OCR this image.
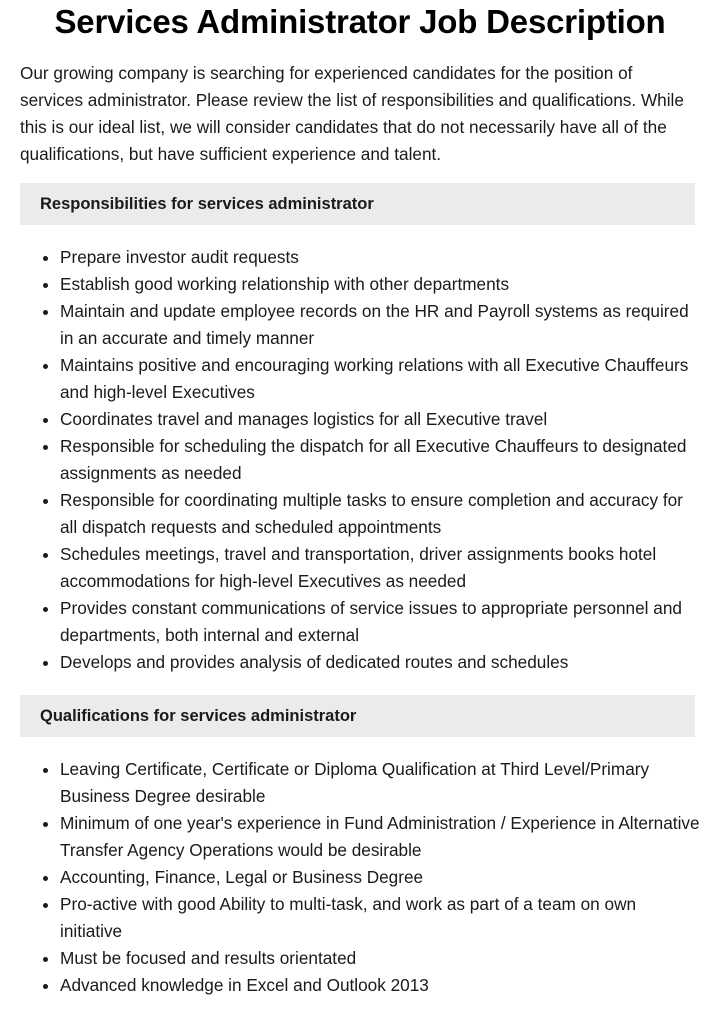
Services Administrator Job Description

Our growing company is searching for experienced candidates for the position of services administrator. Please review the list of responsibilities and qualifications. While this is our ideal list, we will consider candidates that do not necessarily have all of the qualifications, but have sufficient experience and talent.

Responsibilities for services administrator
Prepare investor audit requests
Establish good working relationship with other departments
Maintain and update employee records on the HR and Payroll systems as required in an accurate and timely manner
Maintains positive and encouraging working relations with all Executive Chauffeurs and high-level Executives
Coordinates travel and manages logistics for all Executive travel
Responsible for scheduling the dispatch for all Executive Chauffeurs to designated assignments as needed
Responsible for coordinating multiple tasks to ensure completion and accuracy for all dispatch requests and scheduled appointments
Schedules meetings, travel and transportation, driver assignments books hotel accommodations for high-level Executives as needed
Provides constant communications of service issues to appropriate personnel and departments, both internal and external
Develops and provides analysis of dedicated routes and schedules
Qualifications for services administrator
Leaving Certificate, Certificate or Diploma Qualification at Third Level/Primary Business Degree desirable
Minimum of one year's experience in Fund Administration / Experience in Alternative Transfer Agency Operations would be desirable
Accounting, Finance, Legal or Business Degree
Pro-active with good Ability to multi-task, and work as part of a team on own initiative
Must be focused and results orientated
Advanced knowledge in Excel and Outlook 2013
